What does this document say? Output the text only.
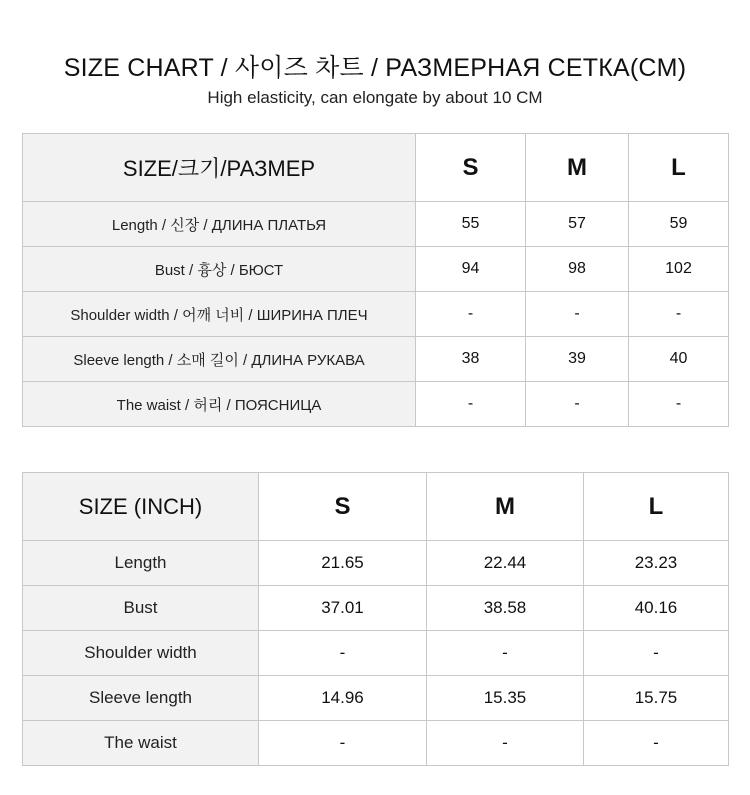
SIZE CHART / 사이즈 차트 / РАЗМЕРНАЯ СЕТКА(CM)
High elasticity, can elongate by about 10 CM
SIZE/크기/РАЗМЕР	S	M	L
Length / 신장 / ДЛИНА ПЛАТЬЯ	55	57	59
Bust / 흉상 / БЮСТ	94	98	102
Shoulder width / 어깨 너비 / ШИРИНА ПЛЕЧ	-	-	-
Sleeve length / 소매 길이 / ДЛИНА РУКАВА	38	39	40
The waist / 허리 / ПОЯСНИЦА	-	-	-
SIZE (INCH)	S	M	L
Length	21.65	22.44	23.23
Bust	37.01	38.58	40.16
Shoulder width	-	-	-
Sleeve length	14.96	15.35	15.75
The waist	-	-	-
